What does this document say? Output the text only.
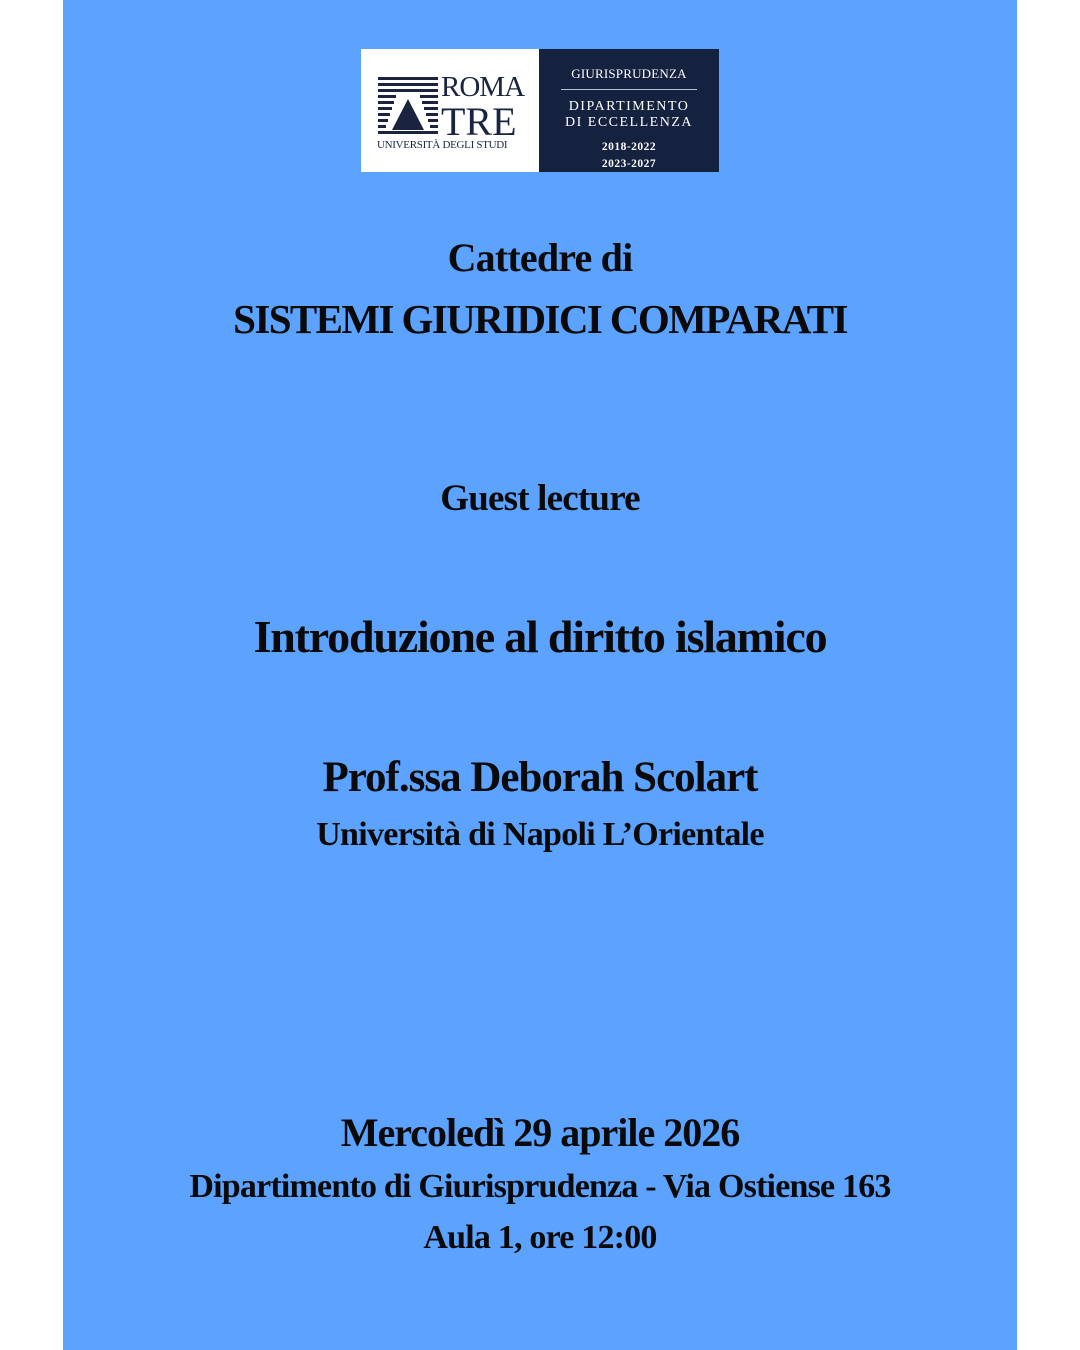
ROMA
TRE
UNIVERSITÀ DEGLI STUDI
GIURISPRUDENZA
DIPARTIMENTO
DI ECCELLENZA
2018-2022
2023-2027
Cattedre di
SISTEMI GIURIDICI COMPARATI
Guest lecture
Introduzione al diritto islamico
Prof.ssa Deborah Scolart
Università di Napoli L’Orientale
Mercoledì 29 aprile 2026
Dipartimento di Giurisprudenza - Via Ostiense 163
Aula 1, ore 12:00
